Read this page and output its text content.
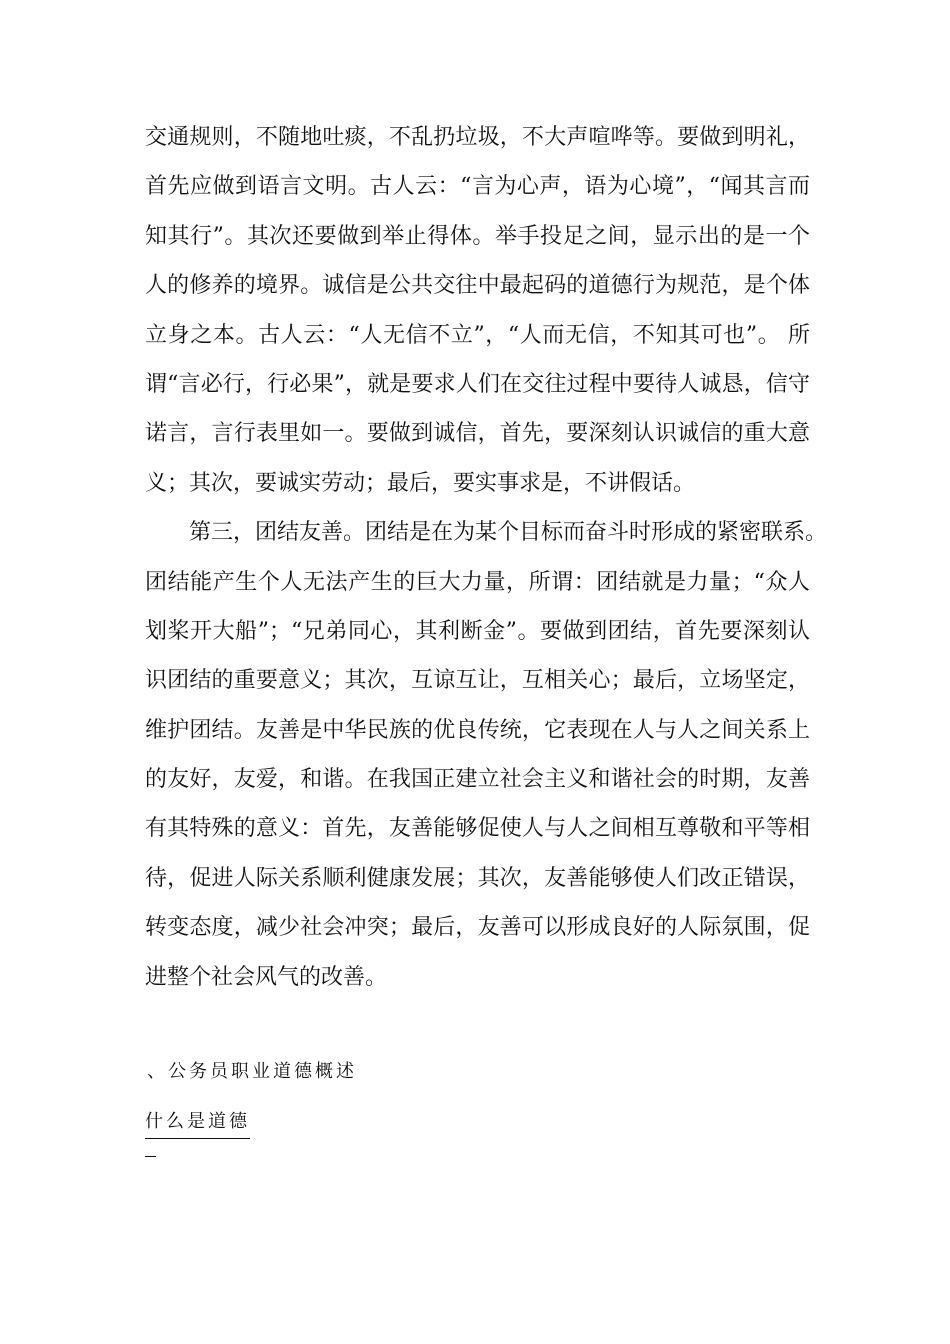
交通规则，不随地吐痰，不乱扔垃圾，不大声喧哗等。要做到明礼，
首先应做到语言文明。古人云：“言为心声，语为心境”，“闻其言而
知其行”。其次还要做到举止得体。举手投足之间，显示出的是一个
人的修养的境界。诚信是公共交往中最起码的道德行为规范，是个体
立身之本。古人云：“人无信不立”，“人而无信，不知其可也”。 所
谓“言必行，行必果”，就是要求人们在交往过程中要待人诚恳，信守
诺言，言行表里如一。要做到诚信，首先，要深刻认识诚信的重大意
义；其次，要诚实劳动；最后，要实事求是，不讲假话。
第三，团结友善。团结是在为某个目标而奋斗时形成的紧密联系。
团结能产生个人无法产生的巨大力量，所谓：团结就是力量；“众人
划桨开大船”；“兄弟同心，其利断金”。要做到团结，首先要深刻认
识团结的重要意义；其次，互谅互让，互相关心；最后，立场坚定，
维护团结。友善是中华民族的优良传统，它表现在人与人之间关系上
的友好，友爱，和谐。在我国正建立社会主义和谐社会的时期，友善
有其特殊的意义：首先，友善能够促使人与人之间相互尊敬和平等相
待，促进人际关系顺利健康发展；其次，友善能够使人们改正错误，
转变态度，减少社会冲突；最后，友善可以形成良好的人际氛围，促
进整个社会风气的改善。
、公务员职业道德概述
什么是道德
